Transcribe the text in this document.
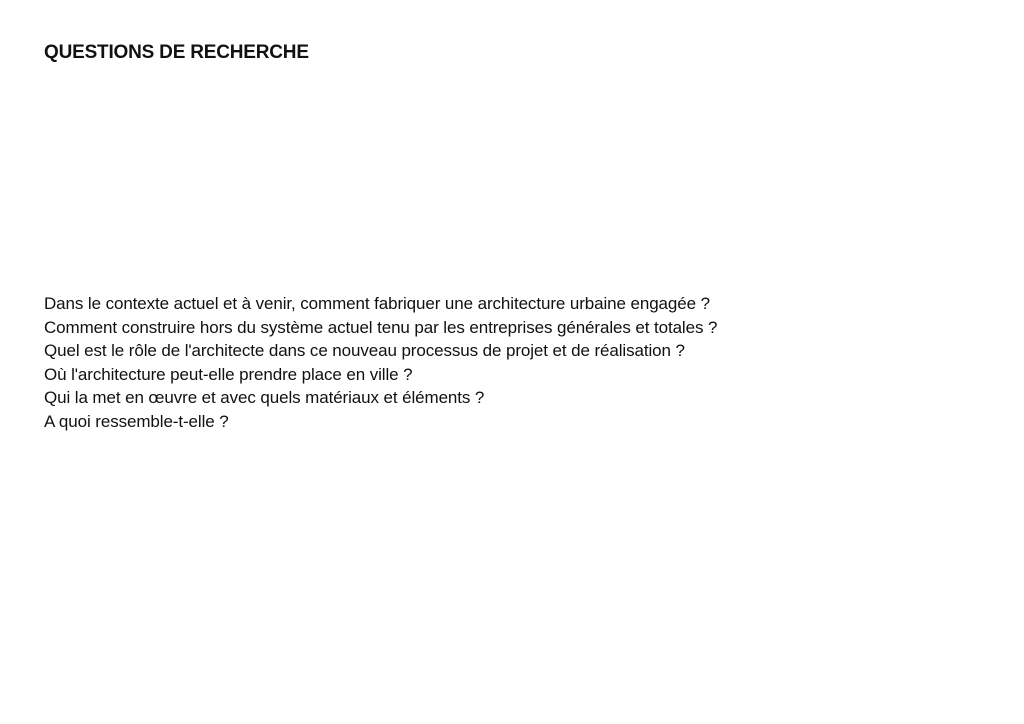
QUESTIONS DE RECHERCHE
Dans le contexte actuel et à venir, comment fabriquer une architecture urbaine engagée ?
Comment construire hors du système actuel tenu par les entreprises générales et totales ?
Quel est le rôle de l'architecte dans ce nouveau processus de projet et de réalisation ?
Où l'architecture peut-elle prendre place en ville ?
Qui la met en œuvre et avec quels matériaux et éléments ?
A quoi ressemble-t-elle ?
